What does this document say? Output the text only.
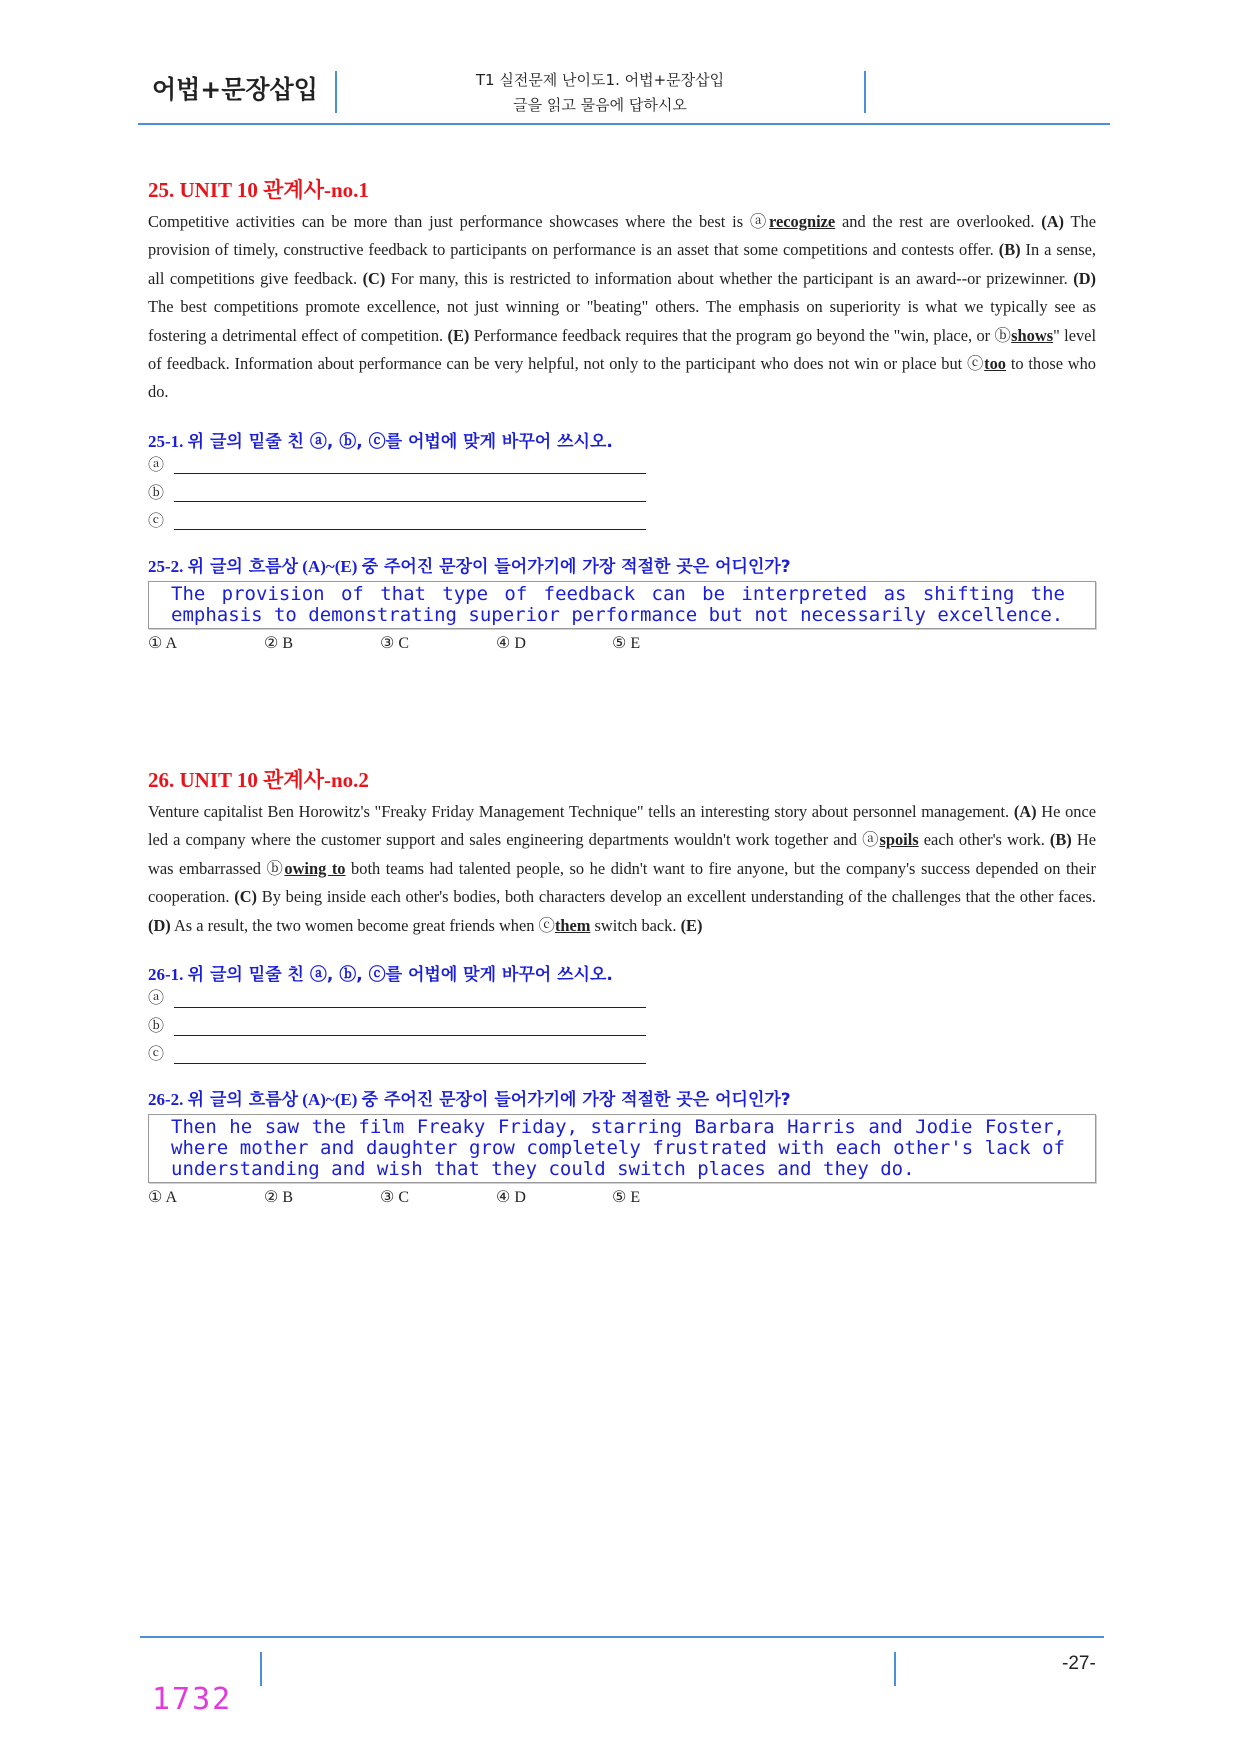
어법+문장삽입	T1 실전문제 난이도1. 어법+문장삽입
글을 읽고 물음에 답하시오
25. UNIT 10 관계사-no.1

Competitive activities can be more than just performance showcases where the best is ⓐrecognize and the rest are overlooked. (A) The provision of timely, constructive feedback to participants on performance is an asset that some competitions and contests offer. (B) In a sense, all competitions give feedback. (C) For many, this is restricted to information about whether the participant is an award--or prizewinner. (D) The best competitions promote excellence, not just winning or "beating" others. The emphasis on superiority is what we typically see as fostering a detrimental effect of competition. (E) Performance feedback requires that the program go beyond the "win, place, or ⓑshows" level of feedback. Information about performance can be very helpful, not only to the participant who does not win or place but ⓒtoo to those who do.

25-1. 위 글의 밑줄 친 ⓐ, ⓑ, ⓒ를 어법에 맞게 바꾸어 쓰시오.
ⓐ
ⓑ
ⓒ
25-2. 위 글의 흐름상 (A)~(E) 중 주어진 문장이 들어가기에 가장 적절한 곳은 어디인가?
The provision of that type of feedback can be interpreted as shifting the emphasis to demonstrating superior performance but not necessarily excellence.
① A	② B	③ C	④ D	⑤ E
26. UNIT 10 관계사-no.2

Venture capitalist Ben Horowitz's "Freaky Friday Management Technique" tells an interesting story about personnel management. (A) He once led a company where the customer support and sales engineering departments wouldn't work together and ⓐspoils each other's work. (B) He was embarrassed ⓑowing to both teams had talented people, so he didn't want to fire anyone, but the company's success depended on their cooperation. (C) By being inside each other's bodies, both characters develop an excellent understanding of the challenges that the other faces. (D) As a result, the two women become great friends when ⓒthem switch back. (E)

26-1. 위 글의 밑줄 친 ⓐ, ⓑ, ⓒ를 어법에 맞게 바꾸어 쓰시오.
ⓐ
ⓑ
ⓒ
26-2. 위 글의 흐름상 (A)~(E) 중 주어진 문장이 들어가기에 가장 적절한 곳은 어디인가?
Then he saw the film Freaky Friday, starring Barbara Harris and Jodie Foster, where mother and daughter grow completely frustrated with each other's lack of understanding and wish that they could switch places and they do.
① A	② B	③ C	④ D	⑤ E
-27-
1732
